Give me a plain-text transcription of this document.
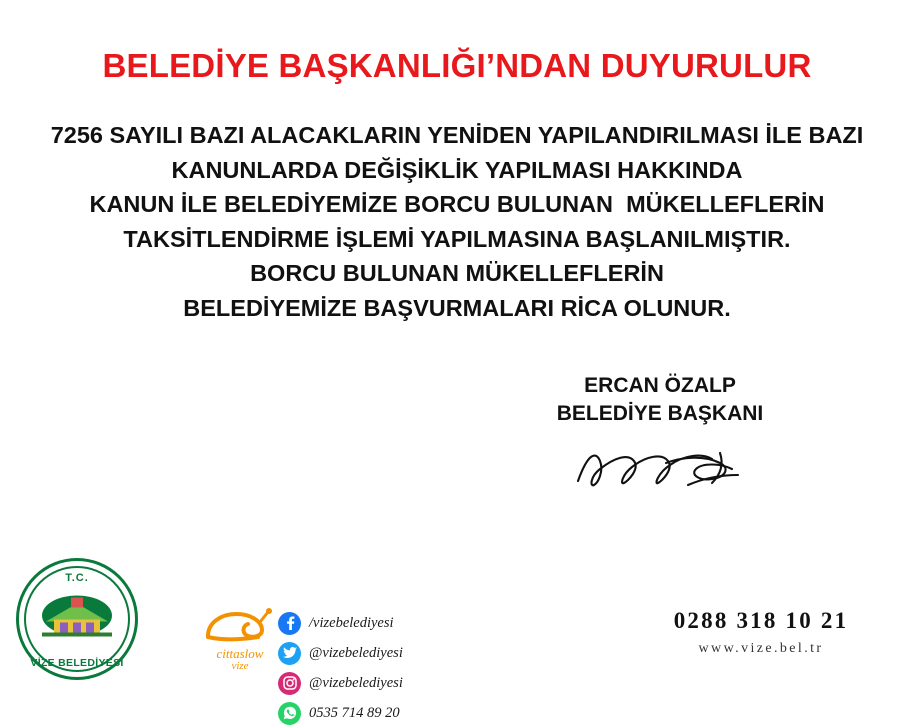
BELEDİYE BAŞKANLIĞI’NDAN DUYURULUR
7256 SAYILI BAZI ALACAKLARIN YENİDEN YAPILANDIRILMASI İLE BAZI
KANUNLARDA DEĞİŞİKLİK YAPILMASI HAKKINDA
KANUN İLE BELEDİYEMİZE BORCU BULUNAN  MÜKELLEFLERİN
TAKSİTLENDİRME İŞLEMİ YAPILMASINA BAŞLANILMIŞTIR.
BORCU BULUNAN MÜKELLEFLERİN
BELEDİYEMİZE BAŞVURMALARI RİCA OLUNUR.
ERCAN ÖZALP
BELEDİYE BAŞKANI
T.C.
VİZE BELEDİYESİ
cittaslow
vize
/vizebelediyesi
@vizebelediyesi

@vizebelediyesi
0535 714 89 20
0288 318 10 21
www.vize.bel.tr
